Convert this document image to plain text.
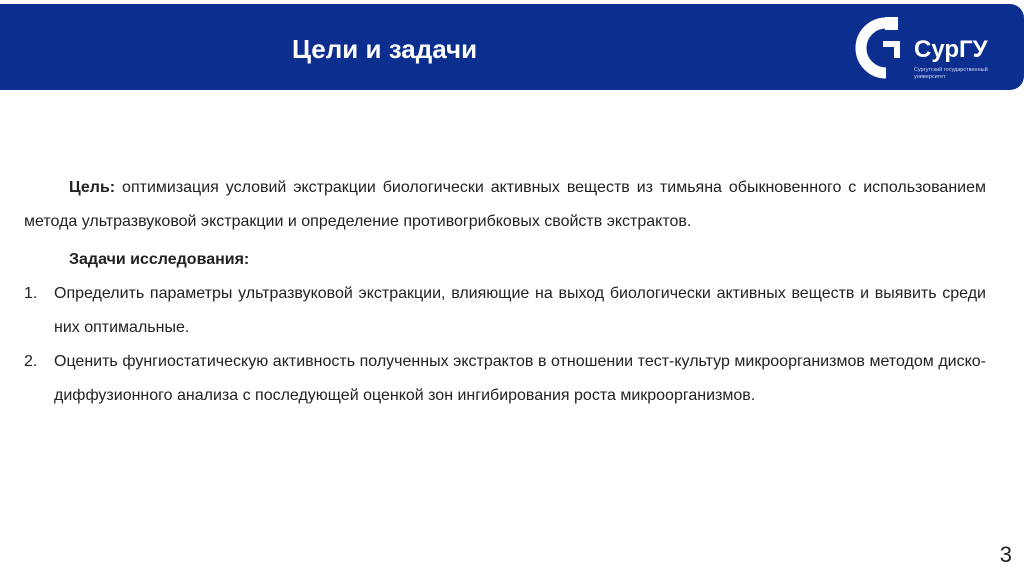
Цели и задачи	СурГУ
Сургутский государственный университет

Цель: оптимизация условий экстракции биологически активных веществ из тимьяна обыкновенного с использованием метода ультразвуковой экстракции и определение противогрибковых свойств экстрактов.

Задачи исследования:
1. Определить параметры ультразвуковой экстракции, влияющие на выход биологически активных веществ и выявить среди них оптимальные.
2. Оценить фунгиостатическую активность полученных экстрактов в отношении тест-культур микроорганизмов методом диско-диффузионного анализа с последующей оценкой зон ингибирования роста микроорганизмов.
3
